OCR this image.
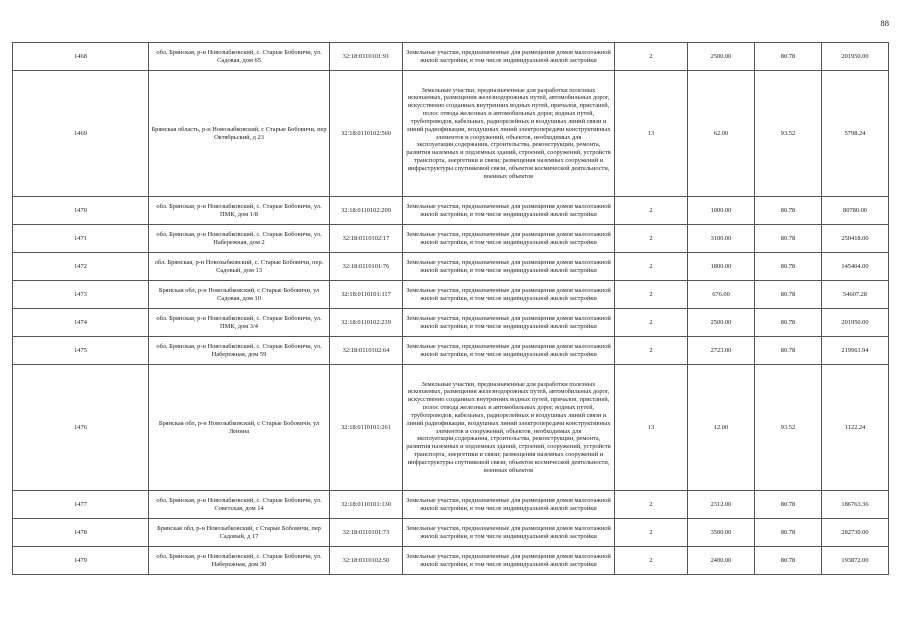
88
1468	обл. Брянская, р-н Новозыбковский, с. Старые Бобовичи, ул. Садовая, дом 65	32:18:0110101:91	Земельные участки, предназначенные для размещения домов малоэтажной жилой застройки, в том числе индивидуальной жилой застройки	2	2500.00	80.78	201950.00
1469	Брянская область, р-н Новозыбковский, с Старые Бобовичи, пер Октябрьский, д 23	32:18:0110102:560	Земельные участки, предназначенные для разработки полезных ископаемых, размещения железнодорожных путей, автомобильных дорог, искусственно созданных внутренних водных путей, причалов, пристаней, полос отвода железных и автомобильных дорог, водных путей, трубопроводов, кабельных, радиорелейных и воздушных линий связи и линий радиофикации, воздушных линий электропередачи конструктивных элементов и сооружений, объектов, необходимых для эксплуатации,содержания, строительства, реконструкции, ремонта, развития наземных и подземных зданий, строений, сооружений, устройств транспорта, энергетики и связи; размещения наземных сооружений и инфраструктуры спутниковой связи, объектов космической деятельности, военных объектов	13	62.00	93.52	5798.24
1470	обл. Брянская, р-н Новозыбковский, с. Старые Бобовичи, ул. ПМК, дом 1/8	32:18:0110102:209	Земельные участки, предназначенные для размещения домов малоэтажной жилой застройки, в том числе индивидуальной жилой застройки	2	1000.00	80.78	80780.00
1471	обл. Брянская, р-н Новозыбковский, с. Старые Бобовичи, ул. Набережная, дом 2	32:18:0110102:17	Земельные участки, предназначенные для размещения домов малоэтажной жилой застройки, в том числе индивидуальной жилой застройки	2	3100.00	80.78	250418.00
1472	обл. Брянская, р-н Новозыбковский, с. Старые Бобовичи, пер. Садовый, дом 13	32:18:0110101:76	Земельные участки, предназначенные для размещения домов малоэтажной жилой застройки, в том числе индивидуальной жилой застройки	2	1800.00	80.78	145404.00
1473	Брянская обл, р-н Новозыбковский, с Старые Бобовичи, ул Садовая, дом 10	32:18:0110101:117	Земельные участки, предназначенные для размещения домов малоэтажной жилой застройки, в том числе индивидуальной жилой застройки	2	676.00	80.78	54607.28
1474	обл. Брянская, р-н Новозыбковский, с. Старые Бобовичи, ул. ПМК, дом 3/4	32:18:0110102:239	Земельные участки, предназначенные для размещения домов малоэтажной жилой застройки, в том числе индивидуальной жилой застройки	2	2500.00	80.78	201950.00
1475	обл. Брянская, р-н Новозыбковский, с. Старые Бобовичи, ул. Набережная, дом 59	32:18:0110102:64	Земельные участки, предназначенные для размещения домов малоэтажной жилой застройки, в том числе индивидуальной жилой застройки	2	2723.00	80.78	219963.94
1476	Брянская обл, р-н Новозыбковский, с Старые Бобовичи, ул Ленина	32:18:0110101:261	Земельные участки, предназначенные для разработки полезных ископаемых, размещения железнодорожных путей, автомобильных дорог, искусственно созданных внутренних водных путей, причалов, пристаней, полос отвода железных и автомобильных дорог, водных путей, трубопроводов, кабельных, радиорелейных и воздушных линий связи и линий радиофикации, воздушных линий электропередачи конструктивных элементов и сооружений, объектов, необходимых для эксплуатации,содержания, строительства, реконструкции, ремонта, развития наземных и подземных зданий, строений, сооружений, устройств транспорта, энергетики и связи; размещения наземных сооружений и инфраструктуры спутниковой связи, объектов космической деятельности, военных объектов	13	12.00	93.52	1122.24
1477	обл. Брянская, р-н Новозыбковский, с. Старые Бобовичи, ул. Советская, дом 14	32:18:0110101:130	Земельные участки, предназначенные для размещения домов малоэтажной жилой застройки, в том числе индивидуальной жилой застройки	2	2312.00	80.78	186763.36
1478	Брянская обл, р-н Новозыбковский, с Старые Бобовичи, пер Садовый, д 17	32:18:0110101:73	Земельные участки, предназначенные для размещения домов малоэтажной жилой застройки, в том числе индивидуальной жилой застройки	2	3500.00	80.78	282730.00
1479	обл. Брянская, р-н Новозыбковский, с. Старые Бобовичи, ул. Набережная, дом 30	32:18:0110102:50	Земельные участки, предназначенные для размещения домов малоэтажной жилой застройки, в том числе индивидуальной жилой застройки	2	2400.00	80.78	193872.00
